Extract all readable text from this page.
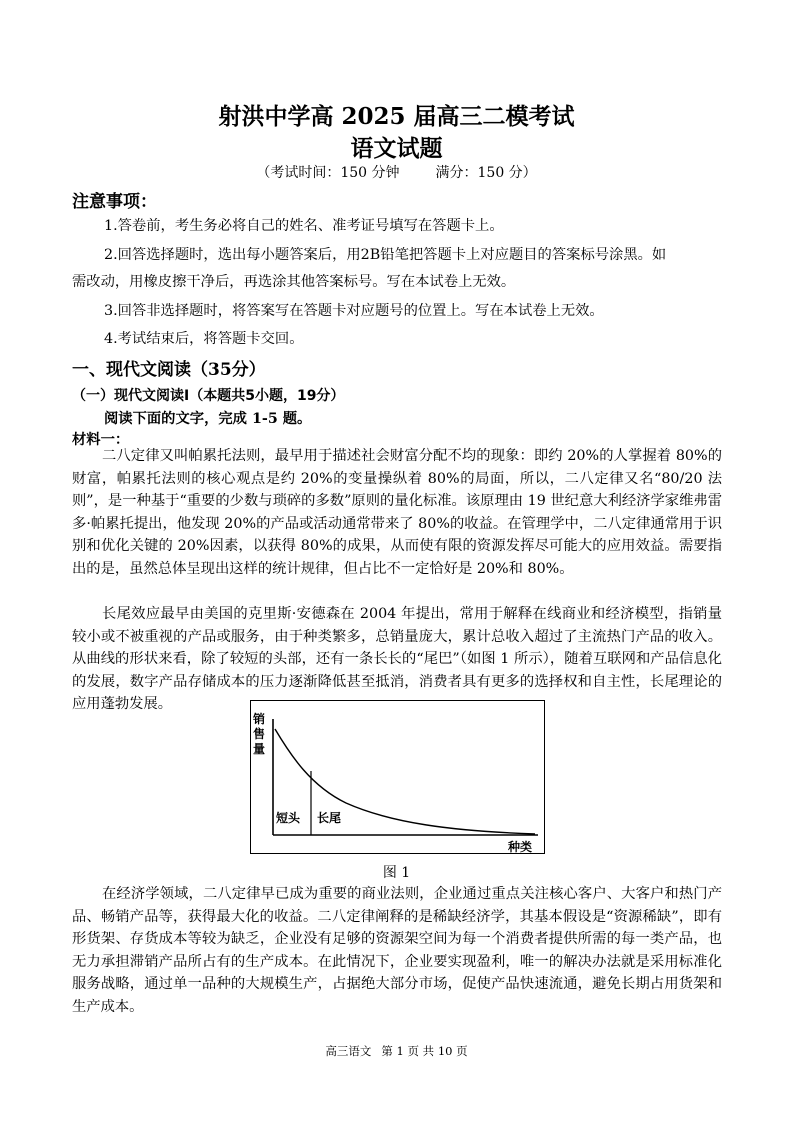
射洪中学高 2025 届高三二模考试
语文试题
（考试时间：150 分钟	满分：150 分）
注意事项：
1.答卷前，考生务必将自己的姓名、准考证号填写在答题卡上。
2.回答选择题时，选出每小题答案后，用2B铅笔把答题卡上对应题目的答案标号涂黑。如
需改动，用橡皮擦干净后，再选涂其他答案标号。写在本试卷上无效。
3.回答非选择题时，将答案写在答题卡对应题号的位置上。写在本试卷上无效。
4.考试结束后，将答题卡交回。
一、现代文阅读（35分）
（一）现代文阅读Ⅰ（本题共5小题，19分）
阅读下面的文字，完成 1-5 题。
材料一：
二八定律又叫帕累托法则，最早用于描述社会财富分配不均的现象：即约 20%的人掌握着 80%的财富，帕累托法则的核心观点是约 20%的变量操纵着 80%的局面，所以，二八定律又名“80/20 法则”，是一种基于“重要的少数与琐碎的多数”原则的量化标准。该原理由 19 世纪意大利经济学家维弗雷多·帕累托提出，他发现 20%的产品或活动通常带来了 80%的收益。在管理学中，二八定律通常用于识别和优化关键的 20%因素，以获得 80%的成果，从而使有限的资源发挥尽可能大的应用效益。需要指出的是，虽然总体呈现出这样的统计规律，但占比不一定恰好是 20%和 80%。
长尾效应最早由美国的克里斯·安德森在 2004 年提出，常用于解释在线商业和经济模型，指销量较小或不被重视的产品或服务，由于种类繁多，总销量庞大，累计总收入超过了主流热门产品的收入。从曲线的形状来看，除了较短的头部，还有一条长长的“尾巴”（如图 1 所示），随着互联网和产品信息化的发展，数字产品存储成本的压力逐渐降低甚至抵消，消费者具有更多的选择权和自主性，长尾理论的应用蓬勃发展。
销
售
量
短头 长尾
种类
图 1
在经济学领域，二八定律早已成为重要的商业法则，企业通过重点关注核心客户、大客户和热门产品、畅销产品等，获得最大化的收益。二八定律阐释的是稀缺经济学，其基本假设是“资源稀缺”，即有形货架、存货成本等较为缺乏，企业没有足够的资源架空间为每一个消费者提供所需的每一类产品，也无力承担滞销产品所占有的生产成本。在此情况下，企业要实现盈利，唯一的解决办法就是采用标准化服务战略，通过单一品种的大规模生产，占据绝大部分市场，促使产品快速流通，避免长期占用货架和生产成本。
高三语文 第 1 页 共 10 页
